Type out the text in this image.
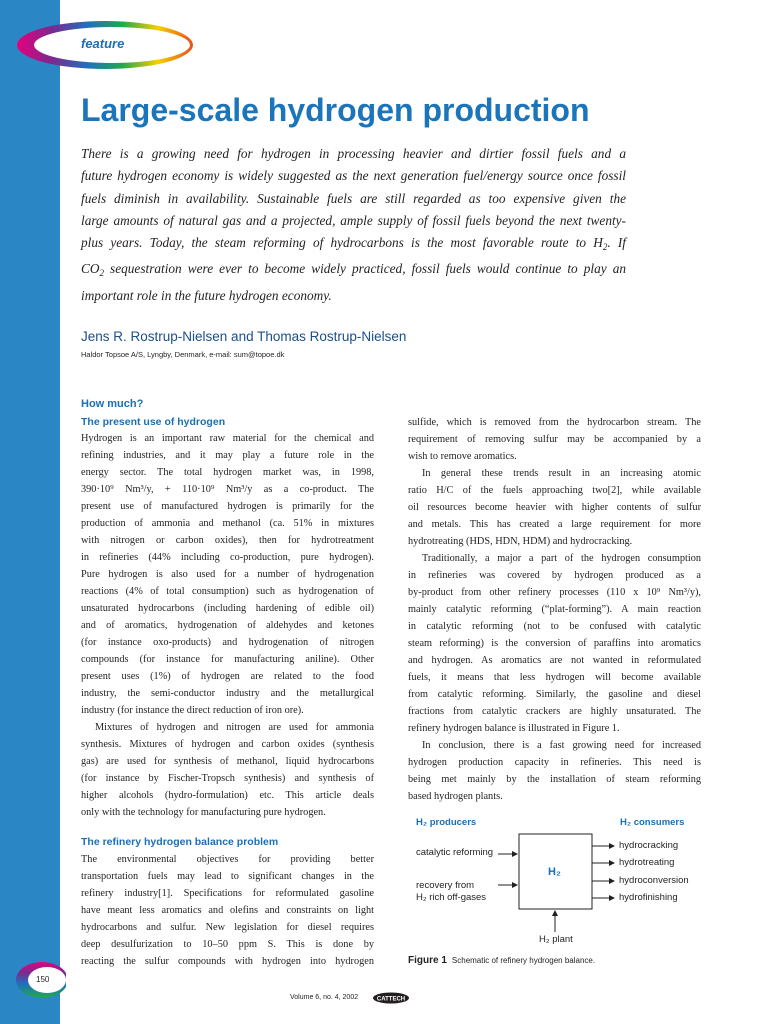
feature
Large-scale hydrogen production
There is a growing need for hydrogen in processing heavier and dirtier fossil fuels and a
future hydrogen economy is widely suggested as the next generation fuel/energy source once fossil
fuels diminish in availability. Sustainable fuels are still regarded as too expensive given the
large amounts of natural gas and a projected, ample supply of fossil fuels beyond the next twenty-
plus years. Today, the steam reforming of hydrocarbons is the most favorable route to $H_2$. If
$CO_2$ sequestration were ever to become widely practiced, fossil fuels would continue to play an
important role in the future hydrogen economy.
Jens R. Rostrup-Nielsen and Thomas Rostrup-Nielsen
Haldor Topsoe A/S, Lyngby, Denmark, e-mail: sum@topoe.dk
How much?
The present use of hydrogen
Hydrogen is an important raw material for the chemical and
refining industries, and it may play a future role in the
energy sector. The total hydrogen market was, in 1998,
390·10⁹ Nm³/y, + 110·10⁹ Nm³/y as a co-product. The
present use of manufactured hydrogen is primarily for the
production of ammonia and methanol (ca. 51% in mixtures
with nitrogen or carbon oxides), then for hydrotreatment
in refineries (44% including co-production, pure hydrogen).
Pure hydrogen is also used for a number of hydrogenation
reactions (4% of total consumption) such as hydrogenation of
unsaturated hydrocarbons (including hardening of edible oil)
and of aromatics, hydrogenation of aldehydes and ketones
(for instance oxo-products) and hydrogenation of nitrogen
compounds (for instance for manufacturing aniline). Other
present uses (1%) of hydrogen are related to the food
industry, the semi-conductor industry and the metallurgical
industry (for instance the direct reduction of iron ore).
Mixtures of hydrogen and nitrogen are used for ammonia
synthesis. Mixtures of hydrogen and carbon oxides (synthesis
gas) are used for synthesis of methanol, liquid hydrocarbons
(for instance by Fischer-Tropsch synthesis) and synthesis of
higher alcohols (hydro-formulation) etc. This article deals
only with the technology for manufacturing pure hydrogen.
The refinery hydrogen balance problem
The environmental objectives for providing better
transportation fuels may lead to significant changes in the
refinery industry[1]. Specifications for reformulated gasoline
have meant less aromatics and olefins and constraints on light
hydrocarbons and sulfur. New legislation for diesel requires
deep desulfurization to 10–50 ppm S. This is done by
reacting the sulfur compounds with hydrogen into hydrogen
sulfide, which is removed from the hydrocarbon stream. The
requirement of removing sulfur may be accompanied by a
wish to remove aromatics.
In general these trends result in an increasing atomic
ratio H/C of the fuels approaching two[2], while available
oil resources become heavier with higher contents of sulfur
and metals. This has created a large requirement for more
hydrotreating (HDS, HDN, HDM) and hydrocracking.
Traditionally, a major a part of the hydrogen consumption
in refineries was covered by hydrogen produced as a
by-product from other refinery processes (110 x 10⁹ Nm³/y),
mainly catalytic reforming (“plat-forming”). A main reaction
in catalytic reforming (not to be confused with catalytic
steam reforming) is the conversion of paraffins into aromatics
and hydrogen. As aromatics are not wanted in reformulated
fuels, it means that less hydrogen will become available
from catalytic reforming. Similarly, the gasoline and diesel
fractions from catalytic crackers are highly unsaturated. The
refinery hydrogen balance is illustrated in Figure 1.
In conclusion, there is a fast growing need for increased
hydrogen production capacity in refineries. This need is
being met mainly by the installation of steam reforming
based hydrogen plants.
H₂ producers	H₂ consumers
catalytic reforming
recovery from
H₂ rich off-gases
H₂
H₂ plant
hydrocracking
hydrotreating
hydroconversion
hydrofinishing
Figure 1 Schematic of refinery hydrogen balance.
150
Volume 6, no. 4, 2002	CATTECH
